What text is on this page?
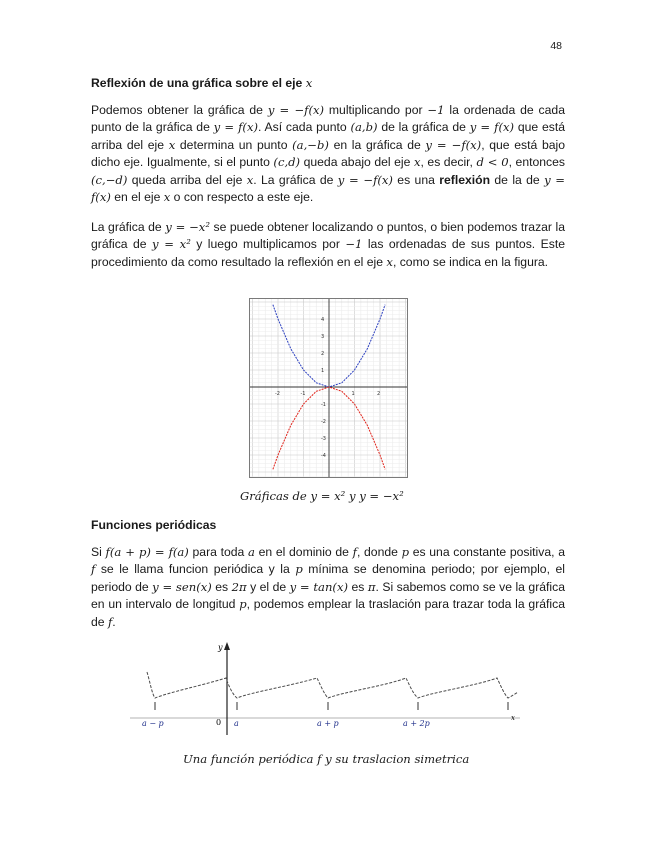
48
Reflexión de una gráfica sobre el eje x

Podemos obtener la gráfica de y = −f(x) multiplicando por −1 la ordenada de cada punto de la gráfica de y = f(x). Así cada punto (a,b) de la gráfica de y = f(x) que está arriba del eje x determina un punto (a,−b) en la gráfica de y = −f(x), que está bajo dicho eje. Igualmente, si el punto (c,d) queda abajo del eje x, es decir, d < 0, entonces (c,−d) queda arriba del eje x. La gráfica de y = −f(x) es una reflexión de la de y = f(x) en el eje x o con respecto a este eje.

La gráfica de y = −x² se puede obtener localizando o puntos, o bien podemos trazar la gráfica de y = x² y luego multiplicamos por −1 las ordenadas de sus puntos. Este procedimiento da como resultado la reflexión en el eje x, como se indica en la figura.

-2	-1	1	2
4
3
2
1
-1
-2
-3
-4
Gráficas de y = x² y y = −x²
Funciones periódicas

Si f(a + p) = f(a) para toda a en el dominio de f, donde p es una constante positiva, a f se le llama funcion periódica y la p mínima se denomina periodo; por ejemplo, el periodo de y = sen(x) es 2π y el de y = tan(x) es π. Si sabemos como se ve la gráfica en un intervalo de longitud p, podemos emplear la traslación para trazar toda la gráfica de f.

y
x
0
a − p	a	a + p	a + 2p
Una función periódica f y su traslacion simetrica
